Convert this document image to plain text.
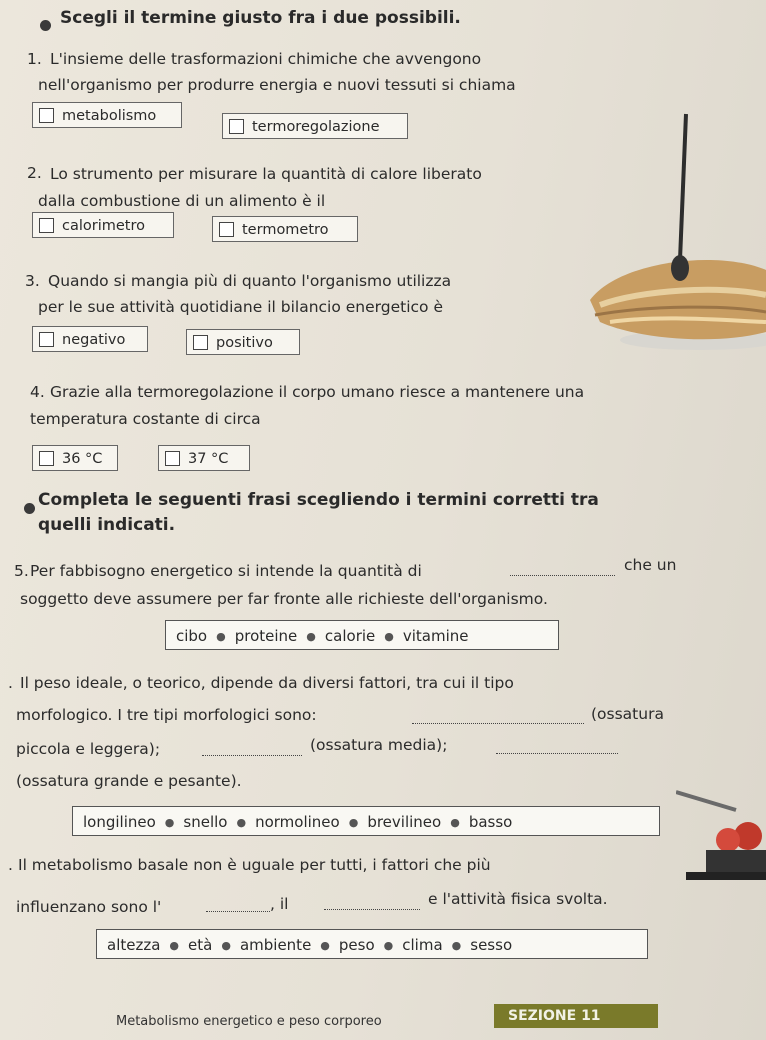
Scegli il termine giusto fra i due possibili.
1. L'insieme delle trasformazioni chimiche che avvengono
nell'organismo per produrre energia e nuovi tessuti si chiama
metabolismo
termoregolazione
2. Lo strumento per misurare la quantità di calore liberato
dalla combustione di un alimento è il
calorimetro	termometro
3. Quando si mangia più di quanto l'organismo utilizza
per le sue attività quotidiane il bilancio energetico è
negativo	positivo
4. Grazie alla termoregolazione il corpo umano riesce a mantenere una
temperatura costante di circa
36 °C	37 °C
Completa le seguenti frasi scegliendo i termini corretti tra
quelli indicati.
5. Per fabbisogno energetico si intende la quantità di	che un
soggetto deve assumere per far fronte alle richieste dell'organismo.
cibo ● proteine ● calorie ● vitamine
. Il peso ideale, o teorico, dipende da diversi fattori, tra cui il tipo
morfologico. I tre tipi morfologici sono:	(ossatura
piccola e leggera);	(ossatura media);
(ossatura grande e pesante).
longilineo ● snello ● normolineo ● brevilineo ● basso
. Il metabolismo basale non è uguale per tutti, i fattori che più
influenzano sono l'	, il	e l'attività fisica svolta.
altezza ● età ● ambiente ● peso ● clima ● sesso
Metabolismo energetico e peso corporeo	SEZIONE 11
